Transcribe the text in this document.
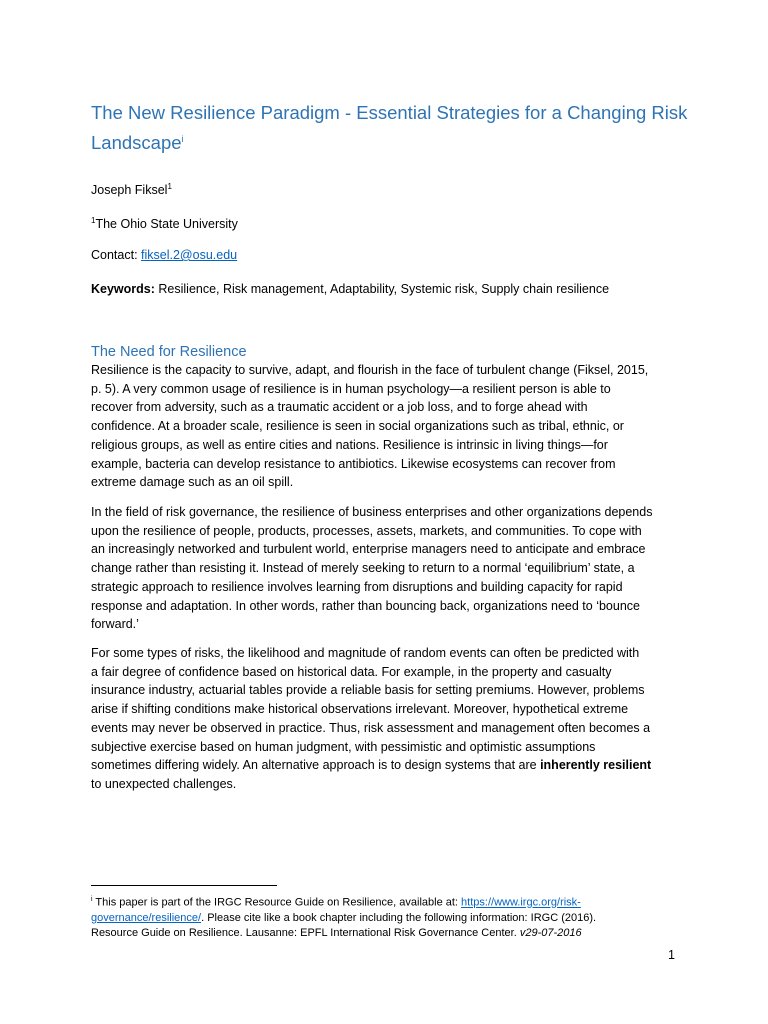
The New Resilience Paradigm - Essential Strategies for a Changing Risk
Landscape$^i$
Joseph Fiksel$^1$
$^1$The Ohio State University
Contact: fiksel.2@osu.edu
Keywords: Resilience, Risk management, Adaptability, Systemic risk, Supply chain resilience
The Need for Resilience

Resilience is the capacity to survive, adapt, and flourish in the face of turbulent change (Fiksel, 2015,
p. 5). A very common usage of resilience is in human psychology—a resilient person is able to
recover from adversity, such as a traumatic accident or a job loss, and to forge ahead with
confidence. At a broader scale, resilience is seen in social organizations such as tribal, ethnic, or
religious groups, as well as entire cities and nations. Resilience is intrinsic in living things—for
example, bacteria can develop resistance to antibiotics. Likewise ecosystems can recover from
extreme damage such as an oil spill.

In the field of risk governance, the resilience of business enterprises and other organizations depends
upon the resilience of people, products, processes, assets, markets, and communities. To cope with
an increasingly networked and turbulent world, enterprise managers need to anticipate and embrace
change rather than resisting it. Instead of merely seeking to return to a normal ‘equilibrium’ state, a
strategic approach to resilience involves learning from disruptions and building capacity for rapid
response and adaptation. In other words, rather than bouncing back, organizations need to ‘bounce
forward.’

For some types of risks, the likelihood and magnitude of random events can often be predicted with
a fair degree of confidence based on historical data. For example, in the property and casualty
insurance industry, actuarial tables provide a reliable basis for setting premiums. However, problems
arise if shifting conditions make historical observations irrelevant. Moreover, hypothetical extreme
events may never be observed in practice. Thus, risk assessment and management often becomes a
subjective exercise based on human judgment, with pessimistic and optimistic assumptions
sometimes differing widely. An alternative approach is to design systems that are inherently resilient
to unexpected challenges.

$^i$ This paper is part of the IRGC Resource Guide on Resilience, available at: https://www.irgc.org/risk-
governance/resilience/. Please cite like a book chapter including the following information: IRGC (2016).
Resource Guide on Resilience. Lausanne: EPFL International Risk Governance Center. v29-07-2016
1
